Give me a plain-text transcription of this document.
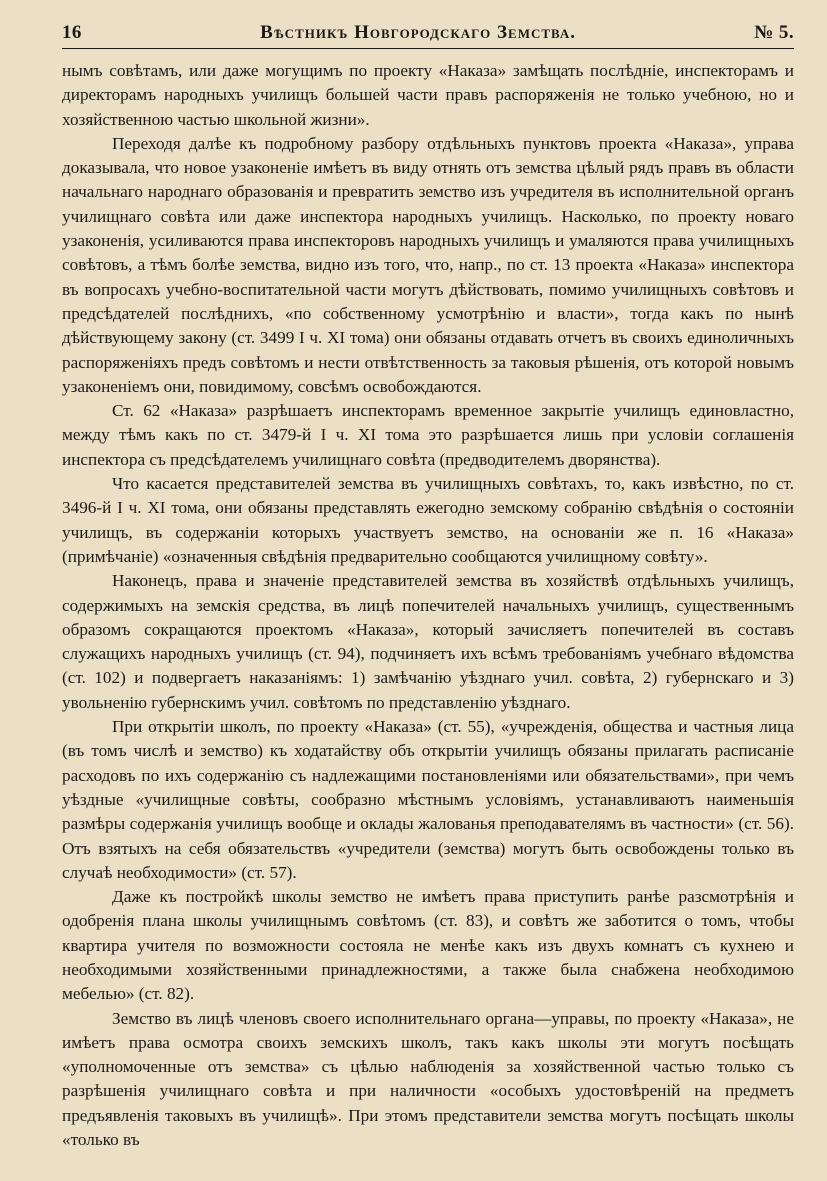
16	Вѣстникъ Новгородскаго Земства.	№ 5.

нымъ совѣтамъ, или даже могущимъ по проекту «Наказа» замѣщать послѣдніе, инспекторамъ и директорамъ народныхъ училищъ большей части правъ распоряженія не только учебною, но и хозяйственною частью школьной жизни».

Переходя далѣе къ подробному разбору отдѣльныхъ пунктовъ проекта «Наказа», управа доказывала, что новое узаконеніе имѣетъ въ виду отнять отъ земства цѣлый рядъ правъ въ области начальнаго народнаго образованія и превратить земство изъ учредителя въ исполнительной органъ училищнаго совѣта или даже инспектора народныхъ училищъ. Насколько, по проекту новаго узаконенія, усиливаются права инспекторовъ народныхъ училищъ и умаляются права училищныхъ совѣтовъ, а тѣмъ болѣе земства, видно изъ того, что, напр., по ст. 13 проекта «Наказа» инспектора въ вопросахъ учебно-воспитательной части могутъ дѣйствовать, помимо училищныхъ совѣтовъ и предсѣдателей послѣднихъ, «по собственному усмотрѣнію и власти», тогда какъ по нынѣ дѣйствующему закону (ст. 3499 I ч. XI тома) они обязаны отдавать отчетъ въ своихъ единоличныхъ распоряженіяхъ предъ совѣтомъ и нести отвѣтственность за таковыя рѣшенія, отъ которой новымъ узаконеніемъ они, повидимому, совсѣмъ освобождаются.

Ст. 62 «Наказа» разрѣшаетъ инспекторамъ временное закрытіе училищъ единовластно, между тѣмъ какъ по ст. 3479-й I ч. XI тома это разрѣшается лишь при условіи соглашенія инспектора съ предсѣдателемъ училищнаго совѣта (предводителемъ дворянства).

Что касается представителей земства въ училищныхъ совѣтахъ, то, какъ извѣстно, по ст. 3496-й I ч. XI тома, они обязаны представлять ежегодно земскому собранію свѣдѣнія о состояніи училищъ, въ содержаніи которыхъ участвуетъ земство, на основаніи же п. 16 «Наказа» (примѣчаніе) «означенныя свѣдѣнія предварительно сообщаются училищному совѣту».

Наконецъ, права и значеніе представителей земства въ хозяйствѣ отдѣльныхъ училищъ, содержимыхъ на земскія средства, въ лицѣ попечителей начальныхъ училищъ, существеннымъ образомъ сокращаются проектомъ «Наказа», который зачисляетъ попечителей въ составъ служащихъ народныхъ училищъ (ст. 94), подчиняетъ ихъ всѣмъ требованіямъ учебнаго вѣдомства (ст. 102) и подвергаетъ наказаніямъ: 1) замѣчанію уѣзднаго учил. совѣта, 2) губернскаго и 3) увольненію губернскимъ учил. совѣтомъ по представленію уѣзднаго.

При открытіи школъ, по проекту «Наказа» (ст. 55), «учрежденія, общества и частныя лица (въ томъ числѣ и земство) къ ходатайству объ открытіи училищъ обязаны прилагать расписаніе расходовъ по ихъ содержанію съ надлежащими постановленіями или обязательствами», при чемъ уѣздные «училищные совѣты, сообразно мѣстнымъ условіямъ, устанавливаютъ наименьшія размѣры содержанія училищъ вообще и оклады жалованья преподавателямъ въ частности» (ст. 56). Отъ взятыхъ на себя обязательствъ «учредители (земства) могутъ быть освобождены только въ случаѣ необходимости» (ст. 57).

Даже къ постройкѣ школы земство не имѣетъ права приступить ранѣе разсмотрѣнія и одобренія плана школы училищнымъ совѣтомъ (ст. 83), и совѣтъ же заботится о томъ, чтобы квартира учителя по возможности состояла не менѣе какъ изъ двухъ комнатъ съ кухнею и необходимыми хозяйственными принадлежностями, а также была снабжена необходимою мебелью» (ст. 82).

Земство въ лицѣ членовъ своего исполнительнаго органа—управы, по проекту «Наказа», не имѣетъ права осмотра своихъ земскихъ школъ, такъ какъ школы эти могутъ посѣщать «уполномоченные отъ земства» съ цѣлью наблюденія за хозяйственной частью только съ разрѣшенія училищнаго совѣта и при наличности «особыхъ удостовѣреній на предметъ предъявленія таковыхъ въ училищѣ». При этомъ представители земства могутъ посѣщать школы «только въ
